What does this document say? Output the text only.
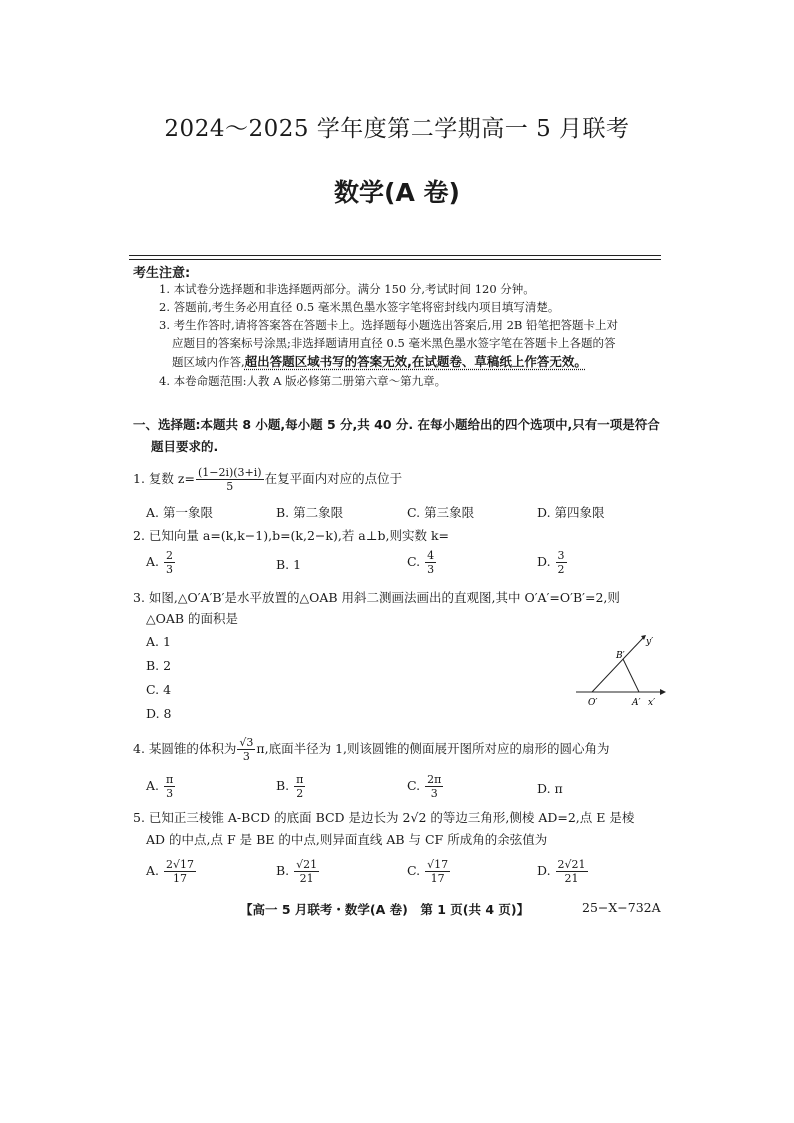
2024～2025 学年度第二学期高一 5 月联考
数学(A 卷)
考生注意:
1. 本试卷分选择题和非选择题两部分。满分 150 分,考试时间 120 分钟。
2. 答题前,考生务必用直径 0.5 毫米黑色墨水签字笔将密封线内项目填写清楚。
3. 考生作答时,请将答案答在答题卡上。选择题每小题选出答案后,用 2B 铅笔把答题卡上对
应题目的答案标号涂黑;非选择题请用直径 0.5 毫米黑色墨水签字笔在答题卡上各题的答
题区域内作答,超出答题区域书写的答案无效,在试题卷、草稿纸上作答无效。
4. 本卷命题范围:人教 A 版必修第二册第六章～第九章。
一、选择题:本题共 8 小题,每小题 5 分,共 40 分. 在每小题给出的四个选项中,只有一项是符合
题目要求的.
1. 复数 $z= \frac{(1-2i)(3+i)}{5}$ 在复平面内对应的点位于
A. 第一象限	B. 第二象限	C. 第三象限	D. 第四象限
2. 已知向量 a=(k,k−1),b=(k,2−k),若 a⊥b,则实数 k=
A. $\frac{2}{3}$	B. 1	C. $\frac{4}{3}$	D. $\frac{3}{2}$
3. 如图,△O′A′B′是水平放置的△OAB 用斜二测画法画出的直观图,其中 O′A′=O′B′=2,则
△OAB 的面积是
A. 1
B. 2
C. 4
D. 8
B′
y′
O′	A′ x′
4. 某圆锥的体积为 $\frac{√3}{3} \pi$,底面半径为 1,则该圆锥的侧面展开图所对应的扇形的圆心角为
A. $\frac{\pi}{3}$	B. $\frac{\pi}{2}$	C. $\frac{2\pi}{3}$	D. π
5. 已知正三棱锥 A-BCD 的底面 BCD 是边长为 2√2 的等边三角形,侧棱 AD=2,点 E 是棱
AD 的中点,点 F 是 BE 的中点,则异面直线 AB 与 CF 所成角的余弦值为
A. $\frac{2√17}{17}$	B. $\frac{√21}{21}$	C. $\frac{√17}{17}$	D. $\frac{2√21}{21}$
【高一 5 月联考・数学(A 卷)　第 1 页(共 4 页)】	25−X−732A
